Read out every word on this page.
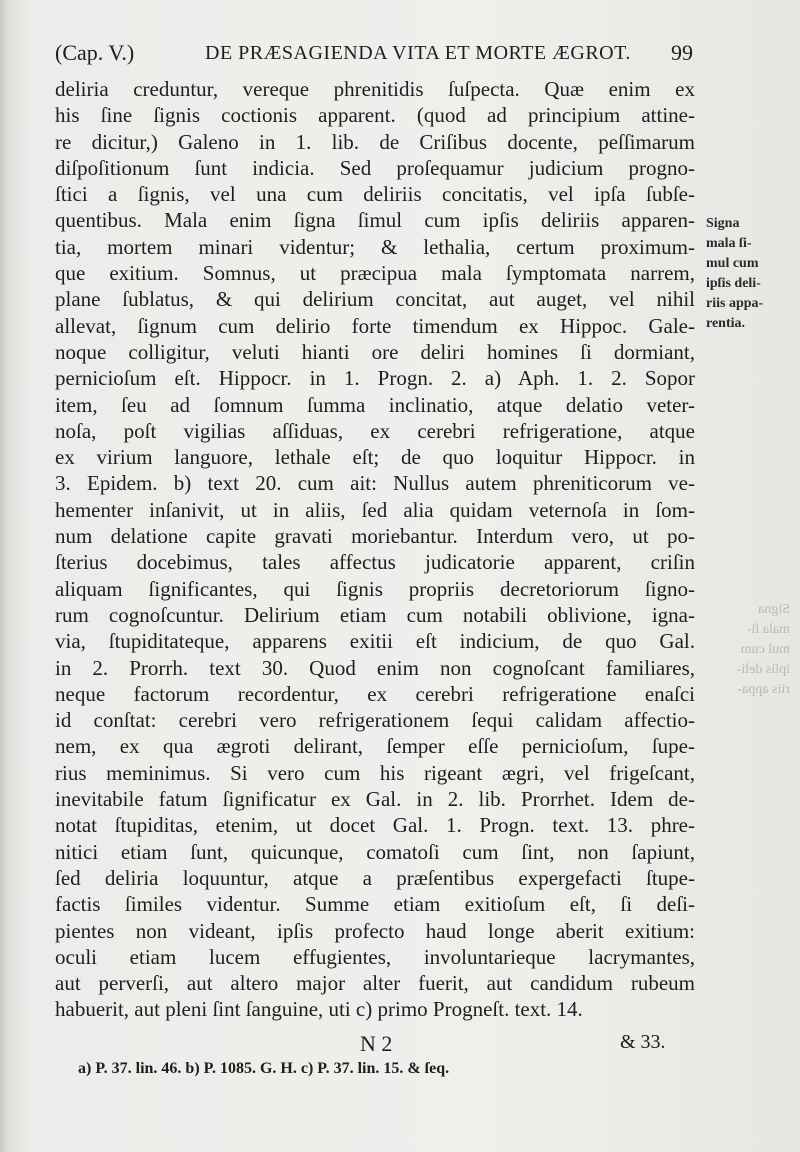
(Cap. V.)	DE PRÆSAGIENDA VITA ET MORTE ÆGROT. 99
deliria creduntur, vereque phrenitidis ſuſpecta. Quæ enim ex
his ſine ſignis coctionis apparent. (quod ad principium attine-
re dicitur,) Galeno in 1. lib. de Criſibus docente, peſſimarum
diſpoſitionum ſunt indicia. Sed proſequamur judicium progno-
ſtici a ſignis, vel una cum deliriis concitatis, vel ipſa ſubſe-
quentibus. Mala enim ſigna ſimul cum ipſis deliriis apparen-
tia, mortem minari videntur; & lethalia, certum proximum-
que exitium. Somnus, ut præcipua mala ſymptomata narrem,
plane ſublatus, & qui delirium concitat, aut auget, vel nihil
allevat, ſignum cum delirio forte timendum ex Hippoc. Gale-
noque colligitur, veluti hianti ore deliri homines ſi dormiant,
pernicioſum eſt. Hippocr. in 1. Progn. 2. a) Aph. 1. 2. Sopor
item, ſeu ad ſomnum ſumma inclinatio, atque delatio veter-
noſa, poſt vigilias aſſiduas, ex cerebri refrigeratione, atque
ex virium languore, lethale eſt; de quo loquitur Hippocr. in
3. Epidem. b) text 20. cum ait: Nullus autem phreniticorum ve-
hementer inſanivit, ut in aliis, ſed alia quidam veternoſa in ſom-
num delatione capite gravati moriebantur. Interdum vero, ut po-
ſterius docebimus, tales affectus judicatorie apparent, criſin
aliquam ſignificantes, qui ſignis propriis decretoriorum ſigno-
rum cognoſcuntur. Delirium etiam cum notabili oblivione, igna-
via, ſtupiditateque, apparens exitii eſt indicium, de quo Gal.
in 2. Prorrh. text 30. Quod enim non cognoſcant familiares,
neque factorum recordentur, ex cerebri refrigeratione enaſci
id conſtat: cerebri vero refrigerationem ſequi calidam affectio-
nem, ex qua ægroti delirant, ſemper eſſe pernicioſum, ſupe-
rius meminimus. Si vero cum his rigeant ægri, vel frigeſcant,
inevitabile fatum ſignificatur ex Gal. in 2. lib. Prorrhet. Idem de-
notat ſtupiditas, etenim, ut docet Gal. 1. Progn. text. 13. phre-
nitici etiam ſunt, quicunque, comatoſi cum ſint, non ſapiunt,
ſed deliria loquuntur, atque a præſentibus expergefacti ſtupe-
factis ſimiles videntur. Summe etiam exitioſum eſt, ſi deſi-
pientes non videant, ipſis profecto haud longe aberit exitium:
oculi etiam lucem effugientes, involuntarieque lacrymantes,
aut perverſi, aut altero major alter fuerit, aut candidum rubeum
habuerit, aut pleni ſint ſanguine, uti c) primo Progneſt. text. 14.
Signa
mala ſi-
mul cum
ipſis deli-
riis appa-
rentia.
Signa
mala ſi-
mul cum
ipſis deli-
riis appa-
N 2	& 33.
a) P. 37. lin. 46. b) P. 1085. G. H. c) P. 37. lin. 15. & ſeq.
